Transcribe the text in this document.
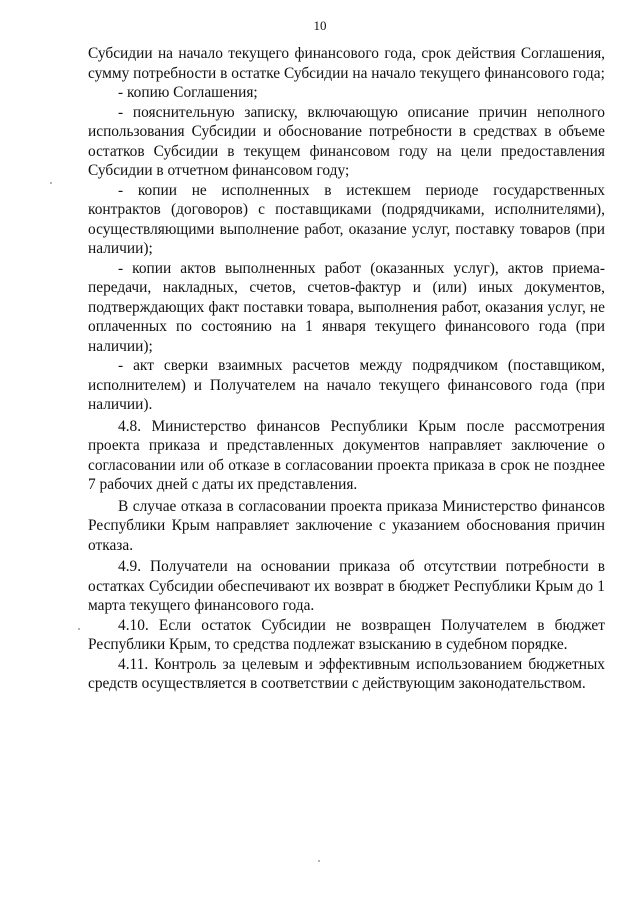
10

Субсидии на начало текущего финансового года, срок действия Соглашения, сумму потребности в остатке Субсидии на начало текущего финансового года;

- копию Соглашения;

- пояснительную записку, включающую описание причин неполного использования Субсидии и обоснование потребности в средствах в объеме остатков Субсидии в текущем финансовом году на цели предоставления Субсидии в отчетном финансовом году;

- копии не исполненных в истекшем периоде государственных контрактов (договоров) с поставщиками (подрядчиками, исполнителями), осуществляющими выполнение работ, оказание услуг, поставку товаров (при наличии);

- копии актов выполненных работ (оказанных услуг), актов приема-передачи, накладных, счетов, счетов-фактур и (или) иных документов, подтверждающих факт поставки товара, выполнения работ, оказания услуг, не оплаченных по состоянию на 1 января текущего финансового года (при наличии);

- акт сверки взаимных расчетов между подрядчиком (поставщиком, исполнителем) и Получателем на начало текущего финансового года (при наличии).

4.8. Министерство финансов Республики Крым после рассмотрения проекта приказа и представленных документов направляет заключение о согласовании или об отказе в согласовании проекта приказа в срок не позднее 7 рабочих дней с даты их представления.

В случае отказа в согласовании проекта приказа Министерство финансов Республики Крым направляет заключение с указанием обоснования причин отказа.

4.9. Получатели на основании приказа об отсутствии потребности в остатках Субсидии обеспечивают их возврат в бюджет Республики Крым до 1 марта текущего финансового года.

4.10. Если остаток Субсидии не возвращен Получателем в бюджет Республики Крым, то средства подлежат взысканию в судебном порядке.

4.11. Контроль за целевым и эффективным использованием бюджетных средств осуществляется в соответствии с действующим законодательством.
